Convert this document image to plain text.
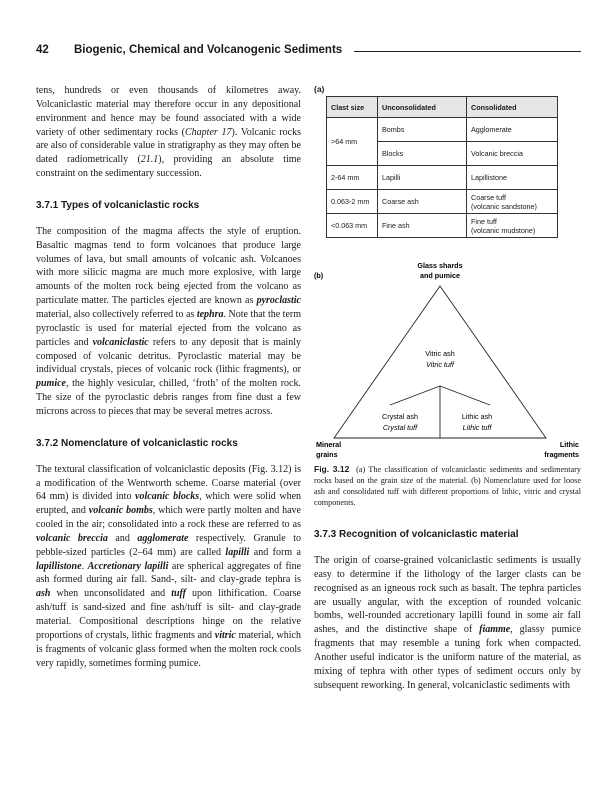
42 Biogenic, Chemical and Volcanogenic Sediments

tens, hundreds or even thousands of kilometres away. Volcaniclastic material may therefore occur in any depositional environment and hence may be found associated with a wide variety of other sedimentary rocks (Chapter 17). Volcanic rocks are also of considerable value in stratigraphy as they may often be dated radiometrically (21.1), providing an absolute time constraint on the sedimentary succession.

3.7.1 Types of volcaniclastic rocks

The composition of the magma affects the style of eruption. Basaltic magmas tend to form volcanoes that produce large volumes of lava, but small amounts of volcanic ash. Volcanoes with more silicic magma are much more explosive, with large amounts of the molten rock being ejected from the volcano as particulate matter. The particles ejected are known as pyroclastic material, also collectively referred to as tephra. Note that the term pyroclastic is used for material ejected from the volcano as particles and volcaniclastic refers to any deposit that is mainly composed of volcanic detritus. Pyroclastic material may be individual crystals, pieces of volcanic rock (lithic fragments), or pumice, the highly vesicular, chilled, ‘froth’ of the molten rock. The size of the pyroclastic debris ranges from fine dust a few microns across to pieces that may be several metres across.

3.7.2 Nomenclature of volcaniclastic rocks

The textural classification of volcaniclastic deposits (Fig. 3.12) is a modification of the Wentworth scheme. Coarse material (over 64 mm) is divided into volcanic blocks, which were solid when erupted, and volcanic bombs, which were partly molten and have cooled in the air; consolidated into a rock these are referred to as volcanic breccia and agglomerate respectively. Granule to pebble-sized particles (2–64 mm) are called lapilli and form a lapillistone. Accretionary lapilli are spherical aggregates of fine ash formed during air fall. Sand-, silt- and clay-grade tephra is ash when unconsolidated and tuff upon lithification. Coarse ash/tuff is sand-sized and fine ash/tuff is silt- and clay-grade material. Compositional descriptions hinge on the relative proportions of crystals, lithic fragments and vitric material, which is fragments of volcanic glass formed when the molten rock cools very rapidly, sometimes forming pumice.

(a)
Clast size	Unconsolidated	Consolidated
>64 mm	Bombs	Agglomerate
	Blocks	Volcanic breccia
2-64 mm	Lapilli	Lapillistone
0.063-2 mm	Coarse ash	Coarse tuff
(volcanic sandstone)
<0.063 mm	Fine ash	Fine tuff
(volcanic mudstone)
(b)
Glass shards
and pumice
Vitric ash
Vitric tuff
Crystal ash
Crystal tuff
Lithic ash
Lithic tuff
Mineral
grains
Lithic
fragments

Fig. 3.12 (a) The classification of volcaniclastic sediments and sedimentary rocks based on the grain size of the material. (b) Nomenclature used for loose ash and consolidated tuff with different proportions of lithic, vitric and crystal components.

3.7.3 Recognition of volcaniclastic material

The origin of coarse-grained volcaniclastic sediments is usually easy to determine if the lithology of the larger clasts can be recognised as an igneous rock such as basalt. The tephra particles are usually angular, with the exception of rounded volcanic bombs, well-rounded accretionary lapilli found in some air fall ashes, and the distinctive shape of fiamme, glassy pumice fragments that may resemble a tuning fork when compacted. Another useful indicator is the uniform nature of the material, as mixing of tephra with other types of sediment occurs only by subsequent reworking. In general, volcaniclastic sediments with
